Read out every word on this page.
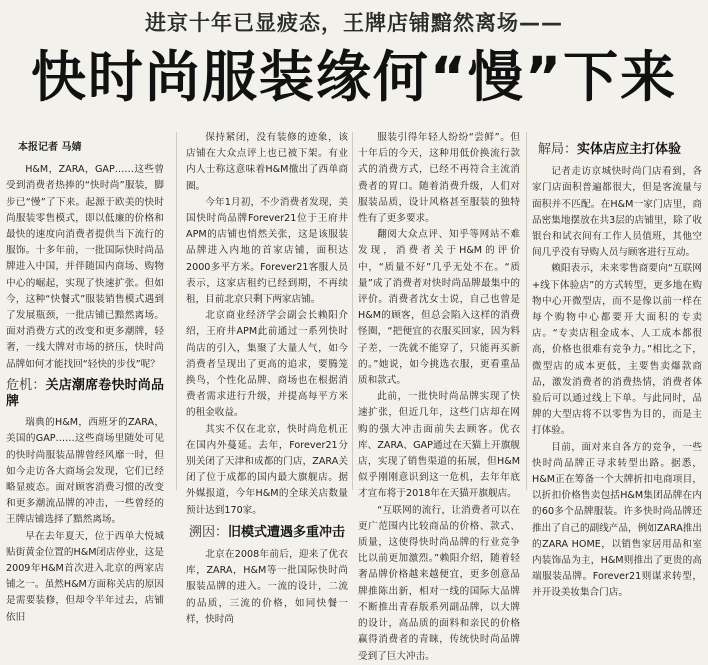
进京十年已显疲态，王牌店铺黯然离场——
快时尚服装缘何“慢”下来
本报记者 马婧

H&M，ZARA，GAP……这些曾受到消费者热捧的“快时尚”服装，脚步已“慢”了下来。起源于欧美的快时尚服装零售模式，即以低廉的价格和最快的速度向消费者提供当下流行的服饰。十多年前，一批国际快时尚品牌进入中国，并伴随国内商场、购物中心的崛起，实现了快速扩张。但如今，这种“快餐式”服装销售模式遇到了发展瓶颈，一批店铺已黯然离场。面对消费方式的改变和更多潮牌，轻奢，一线大牌对市场的挤压，快时尚品牌如何才能找回“轻快的步伐”呢？

危机：关店潮席卷快时尚品牌

瑞典的H&M，西班牙的ZARA，美国的GAP……这些商场里随处可见的快时尚服装品牌曾经风靡一时，但如今走访各大商场会发现，它们已经略显疲态。面对顾客消费习惯的改变和更多潮流品牌的冲击，一些曾经的王牌店铺选择了黯然离场。

早在去年夏天，位于西单大悦城贴街黄金位置的H&M闭店停业，这是2009年H&M首次进入北京的两家店铺之一。虽然H&M方面称关店的原因是需要装修，但却令半年过去，店铺依旧

保持紧闭，没有装修的迹象，该店铺在大众点评上也已被下架。有业内人士称这意味着H&M撤出了西单商圈。

今年1月初，不少消费者发现，美国快时尚品牌Forever21位于王府井APM的店铺也悄然关张，这是该服装品牌进入内地的首家店铺，面积达2000多平方米。Forever21客服人员表示，这家店租约已经到期，不再续租，目前北京只剩下两家店铺。

北京商业经济学会副会长赖阳介绍，王府井APM此前通过一系列快时尚店的引入，集聚了大量人气，如今消费者呈现出了更高的追求，要腾笼换鸟，个性化品牌、商场也在根据消费者需求进行升级，并提高每平方米的租金收益。

其实不仅在北京，快时尚危机正在国内外蔓延。去年，Forever21分别关闭了天津和成都的门店，ZARA关闭了位于成都的国内最大旗舰店。据外媒报道，今年H&M的全球关店数量预计达到170家。

溯因：旧模式遭遇多重冲击

北京在2008年前后，迎来了优衣库，ZARA，H&M等一批国际快时尚服装品牌的进入。一流的设计，二流的品质，三流的价格，如同快餐一样，快时尚

服装引得年轻人纷纷“尝鲜”。但十年后的今天，这种用低价换流行款式的消费方式，已经不再符合主流消费者的胃口。随着消费升级，人们对服装品质，设计风格甚至服装的独特性有了更多要求。

翻阅大众点评、知乎等网站不难发现，消费者关于H&M的评价中，“质量不好”几乎无处不在。“质量”成了消费者对快时尚品牌最集中的评价。消费者沈女士说，自己也曾是H&M的顾客，但总会陷入这样的消费怪圈，“把便宜的衣服买回家，因为料子差，一洗就不能穿了，只能再买新的。”她说，如今挑选衣服，更看重品质和款式。

此前，一批快时尚品牌实现了快速扩张，但近几年，这些门店却在网购的强大冲击面前失去顾客。优衣库、ZARA、GAP通过在天猫上开旗舰店，实现了销售渠道的拓展，但H&M似乎刚刚意识到这一危机，去年年底才宣布将于2018年在天猫开旗舰店。

“互联网的流行，让消费者可以在更广范围内比较商品的价格、款式、质量，这使得快时尚品牌的行业竞争比以前更加激烈。”赖阳介绍，随着轻奢品牌价格越来越便宜，更多创意品牌推陈出新，相对一线的国际大品牌不断推出青春版系列副品牌，以大牌的设计，高品质的面料和亲民的价格赢得消费者的青睐，传统快时尚品牌受到了巨大冲击。

解局：实体店应主打体验

记者走访京城快时尚门店看到，各家门店面积普遍都很大，但是客流量与面积并不匹配。在H&M一家门店里，商品密集地摆放在共3层的店铺里，除了收银台和试衣间有工作人员值班，其他空间几乎没有导购人员与顾客进行互动。

赖阳表示，未来零售商要向“互联网+线下体验店”的方式转型，更多地在购物中心开微型店，而不是像以前一样在每个购物中心都要开大面积的专卖店。“专卖店租金成本、人工成本都很高，价格也很难有竞争力。”相比之下，微型店的成本更低，主要售卖爆款商品，激发消费者的消费热情，消费者体验后可以通过线上下单。与此同时，品牌的大型店将不以零售为目的，而是主打体验。

目前，面对来自各方的竞争，一些快时尚品牌正寻求转型出路。据悉，H&M正在筹备一个大牌折扣电商项目，以折扣价格售卖包括H&M集团品牌在内的60多个品牌服装。许多快时尚品牌还推出了自己的副线产品，例如ZARA推出的ZARA HOME，以销售家居用品和室内装饰品为主，H&M则推出了更贵的高端服装品牌。Forever21则谋求转型，并开设美妆集合门店。
